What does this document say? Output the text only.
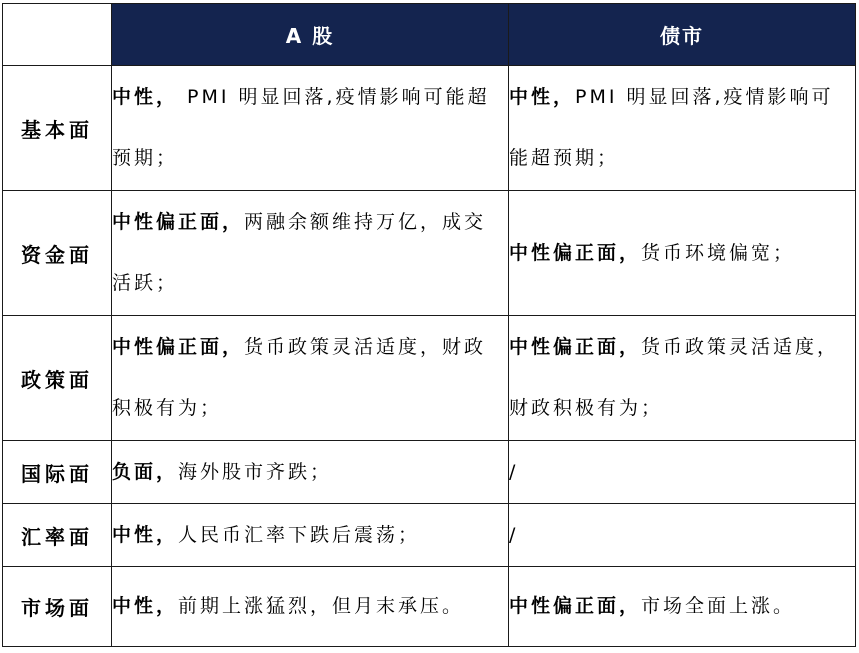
	A 股	债市
基本面	中性， PMI 明显回落,疫情影响可能超预期；	中性，PMI 明显回落,疫情影响可能超预期；
资金面	中性偏正面，两融余额维持万亿，成交活跃；	中性偏正面，货币环境偏宽；
政策面	中性偏正面，货币政策灵活适度，财政积极有为；	中性偏正面，货币政策灵活适度，财政积极有为；
国际面	负面，海外股市齐跌；	/
汇率面	中性，人民币汇率下跌后震荡；	/
市场面	中性，前期上涨猛烈，但月末承压。	中性偏正面，市场全面上涨。
